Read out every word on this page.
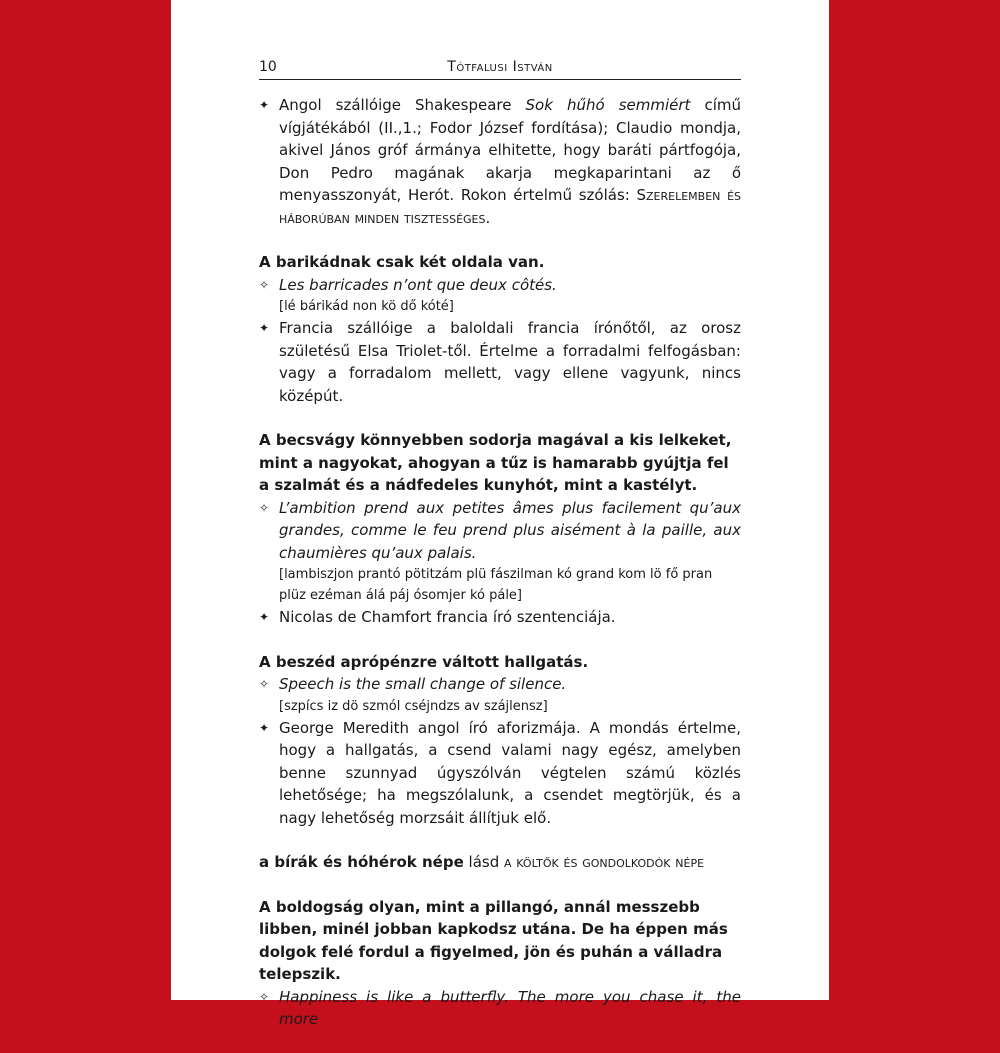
10	Tótfalusi István
✦ Angol szállóige Shakespeare Sok hűhó semmiért című vígjátékából (II.,1.; Fodor József fordítása); Claudio mondja, akivel János gróf ármánya elhitette, hogy baráti pártfogója, Don Pedro magának akarja megkaparintani az ő menyasszonyát, Herót. Rokon értelmű szólás: Szerelemben és háborúban minden tisztességes.
A barikádnak csak két oldala van.
✧ Les barricades n’ont que deux côtés.
[lé bárikád non kö dő kóté]
✦ Francia szállóige a baloldali francia írónőtől, az orosz születésű Elsa Triolet-től. Értelme a forradalmi felfogásban: vagy a forradalom mellett, vagy ellene vagyunk, nincs középút.
A becsvágy könnyebben sodorja magával a kis lelkeket, mint a nagyokat, ahogyan a tűz is hamarabb gyújtja fel a szalmát és a nádfedeles kunyhót, mint a kastélyt.
✧ L’ambition prend aux petites âmes plus facilement qu’aux grandes, comme le feu prend plus aisément à la paille, aux chaumières qu’aux palais.
[lambiszjon prantó pötitzám plü fászilman kó grand kom lö fő pran plüz ezéman álá páj ósomjer kó pále]
✦ Nicolas de Chamfort francia író szentenciája.
A beszéd aprópénzre váltott hallgatás.
✧ Speech is the small change of silence.
[szpícs iz dö szmól cséjndzs av szájlensz]
✦ George Meredith angol író aforizmája. A mondás értelme, hogy a hallgatás, a csend valami nagy egész, amelyben benne szunnyad úgyszólván végtelen számú közlés lehetősége; ha megszólalunk, a csendet megtörjük, és a nagy lehetőség morzsáit állítjuk elő.
a bírák és hóhérok népe lásd a költők és gondolkodók népe
A boldogság olyan, mint a pillangó, annál messzebb libben, minél jobban kapkodsz utána. De ha éppen más dolgok felé fordul a figyelmed, jön és puhán a válladra telepszik.
✧ Happiness is like a butterfly. The more you chase it, the more
